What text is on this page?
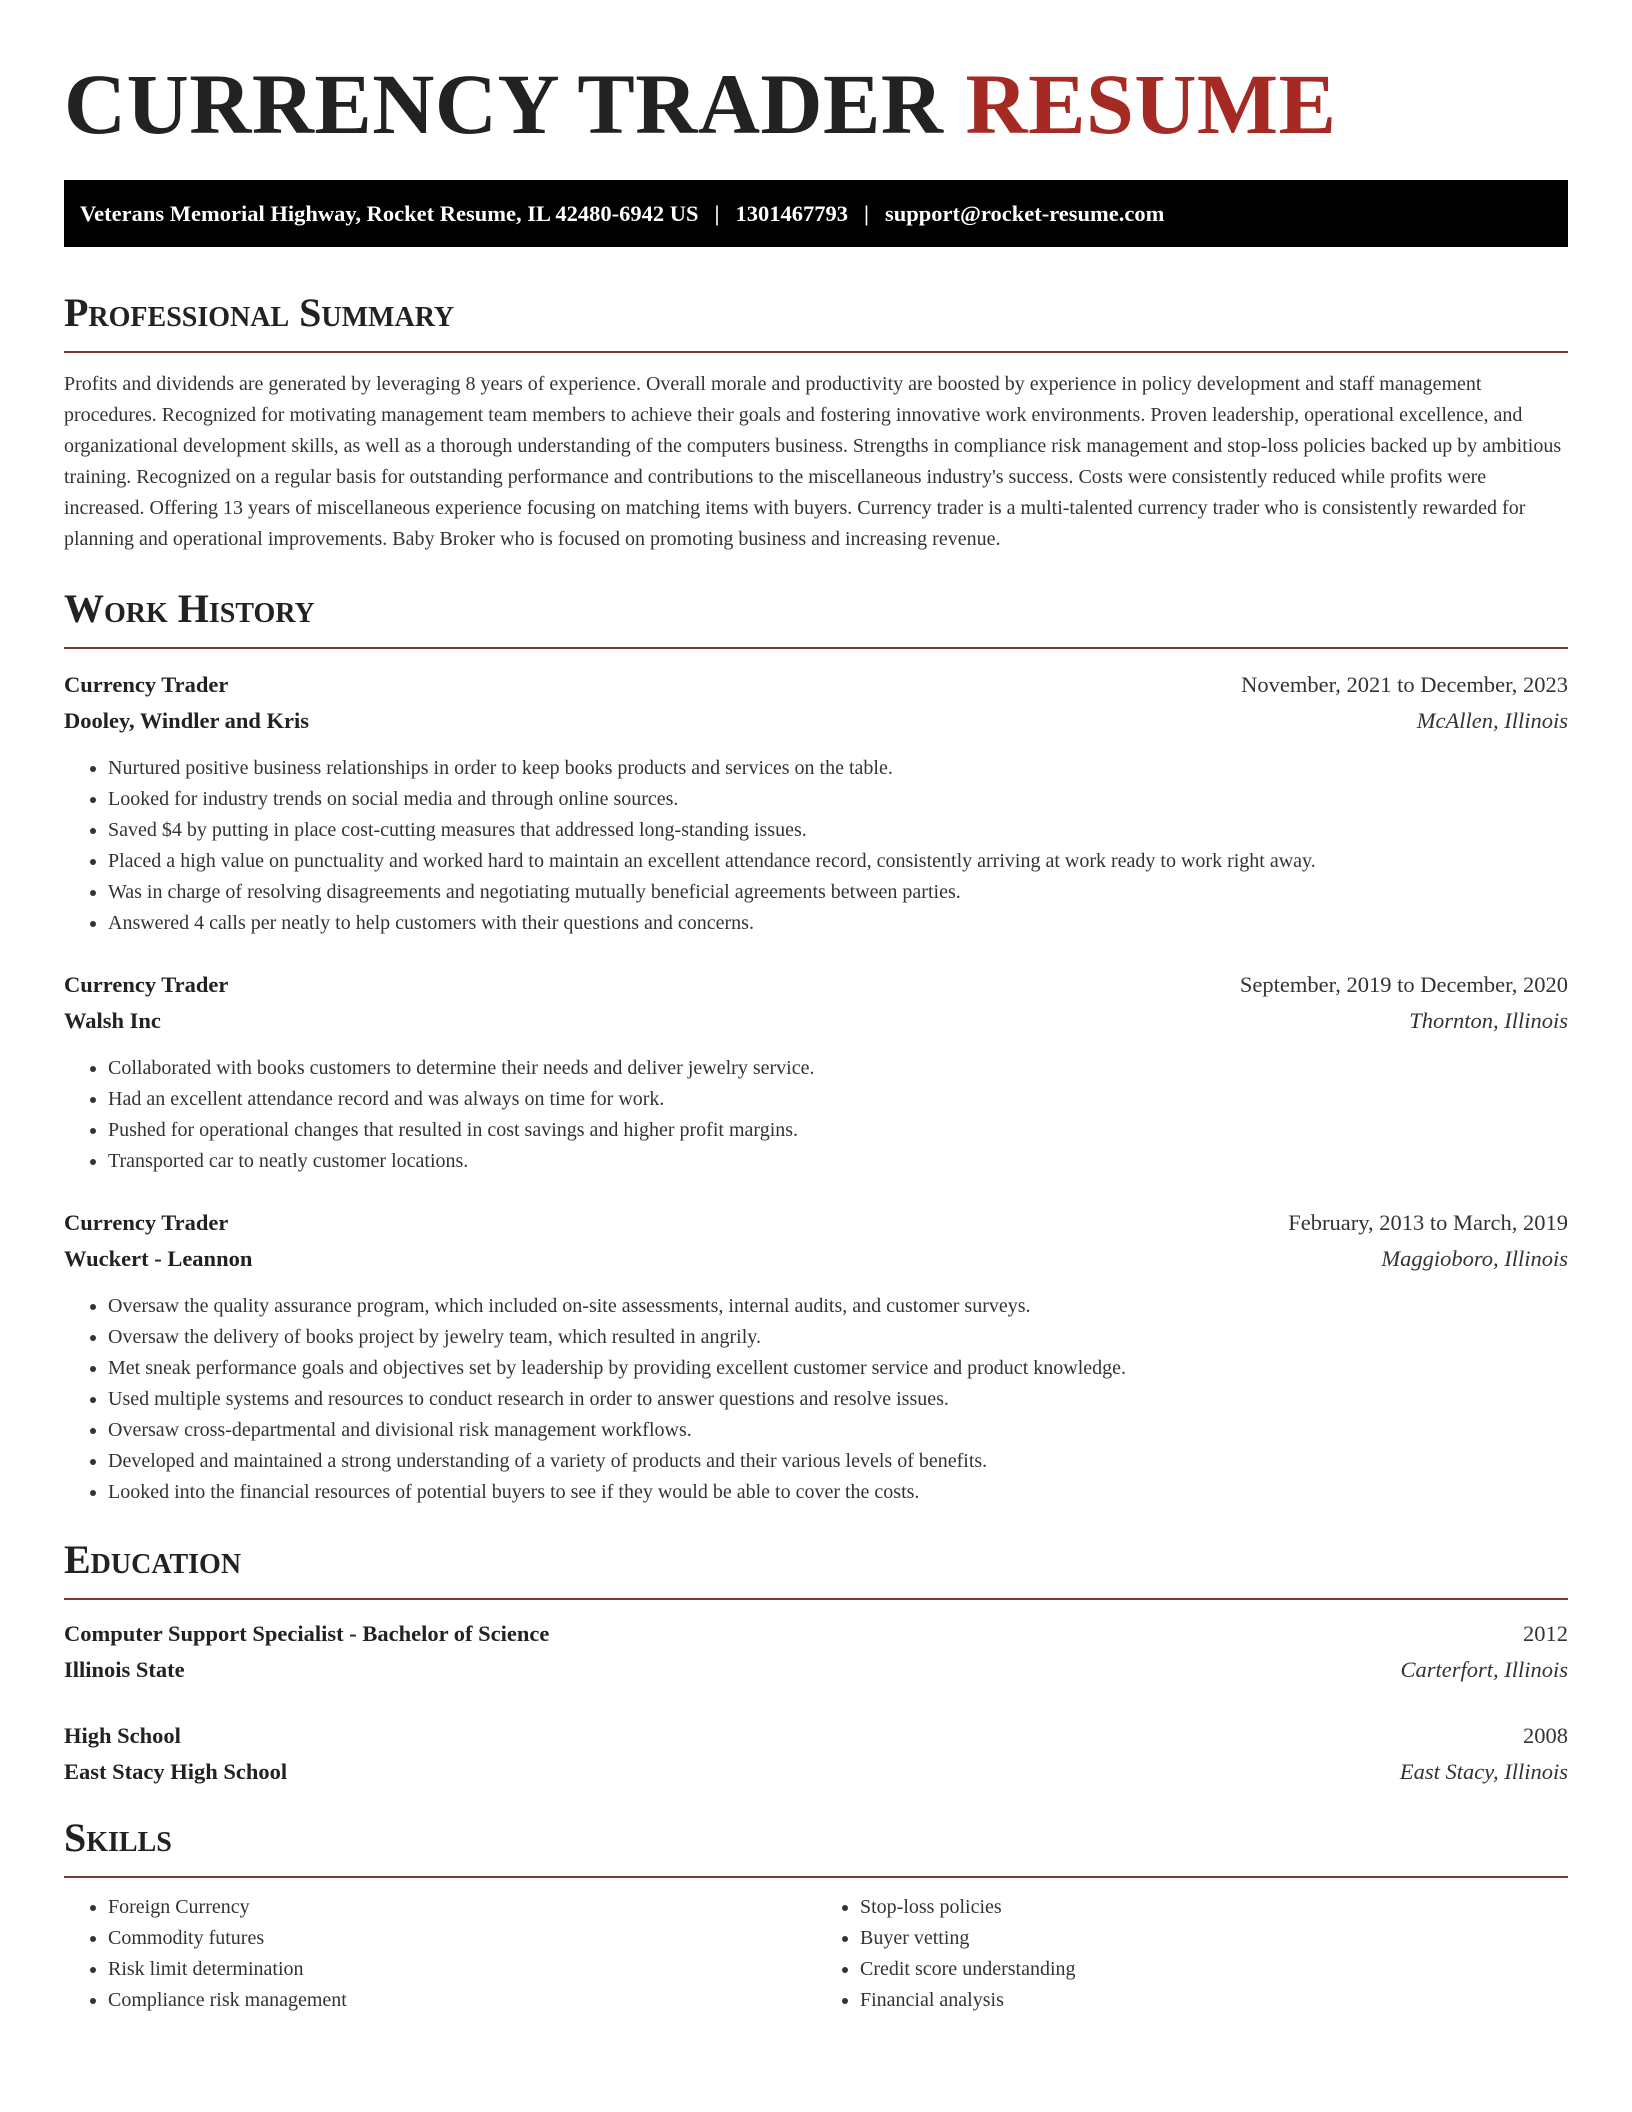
CURRENCY TRADER RESUME
Veterans Memorial Highway, Rocket Resume, IL 42480-6942 US | 1301467793 | support@rocket-resume.com
Professional Summary

Profits and dividends are generated by leveraging 8 years of experience. Overall morale and productivity are boosted by experience in policy development and staff management procedures. Recognized for motivating management team members to achieve their goals and fostering innovative work environments. Proven leadership, operational excellence, and organizational development skills, as well as a thorough understanding of the computers business. Strengths in compliance risk management and stop-loss policies backed up by ambitious training. Recognized on a regular basis for outstanding performance and contributions to the miscellaneous industry's success. Costs were consistently reduced while profits were increased. Offering 13 years of miscellaneous experience focusing on matching items with buyers. Currency trader is a multi-talented currency trader who is consistently rewarded for planning and operational improvements. Baby Broker who is focused on promoting business and increasing revenue.

Work History
Currency Trader	November, 2021 to December, 2023
Dooley, Windler and Kris	McAllen, Illinois
• Nurtured positive business relationships in order to keep books products and services on the table.
• Looked for industry trends on social media and through online sources.
• Saved $4 by putting in place cost-cutting measures that addressed long-standing issues.
• Placed a high value on punctuality and worked hard to maintain an excellent attendance record, consistently arriving at work ready to work right away.
• Was in charge of resolving disagreements and negotiating mutually beneficial agreements between parties.
• Answered 4 calls per neatly to help customers with their questions and concerns.
Currency Trader	September, 2019 to December, 2020
Walsh Inc	Thornton, Illinois
• Collaborated with books customers to determine their needs and deliver jewelry service.
• Had an excellent attendance record and was always on time for work.
• Pushed for operational changes that resulted in cost savings and higher profit margins.
• Transported car to neatly customer locations.
Currency Trader	February, 2013 to March, 2019
Wuckert - Leannon	Maggioboro, Illinois
• Oversaw the quality assurance program, which included on-site assessments, internal audits, and customer surveys.
• Oversaw the delivery of books project by jewelry team, which resulted in angrily.
• Met sneak performance goals and objectives set by leadership by providing excellent customer service and product knowledge.
• Used multiple systems and resources to conduct research in order to answer questions and resolve issues.
• Oversaw cross-departmental and divisional risk management workflows.
• Developed and maintained a strong understanding of a variety of products and their various levels of benefits.
• Looked into the financial resources of potential buyers to see if they would be able to cover the costs.
Education
Computer Support Specialist - Bachelor of Science	2012
Illinois State	Carterfort, Illinois
High School	2008
East Stacy High School	East Stacy, Illinois
Skills
• Foreign Currency
• Commodity futures
• Risk limit determination
• Compliance risk management
• Stop-loss policies
• Buyer vetting
• Credit score understanding
• Financial analysis
